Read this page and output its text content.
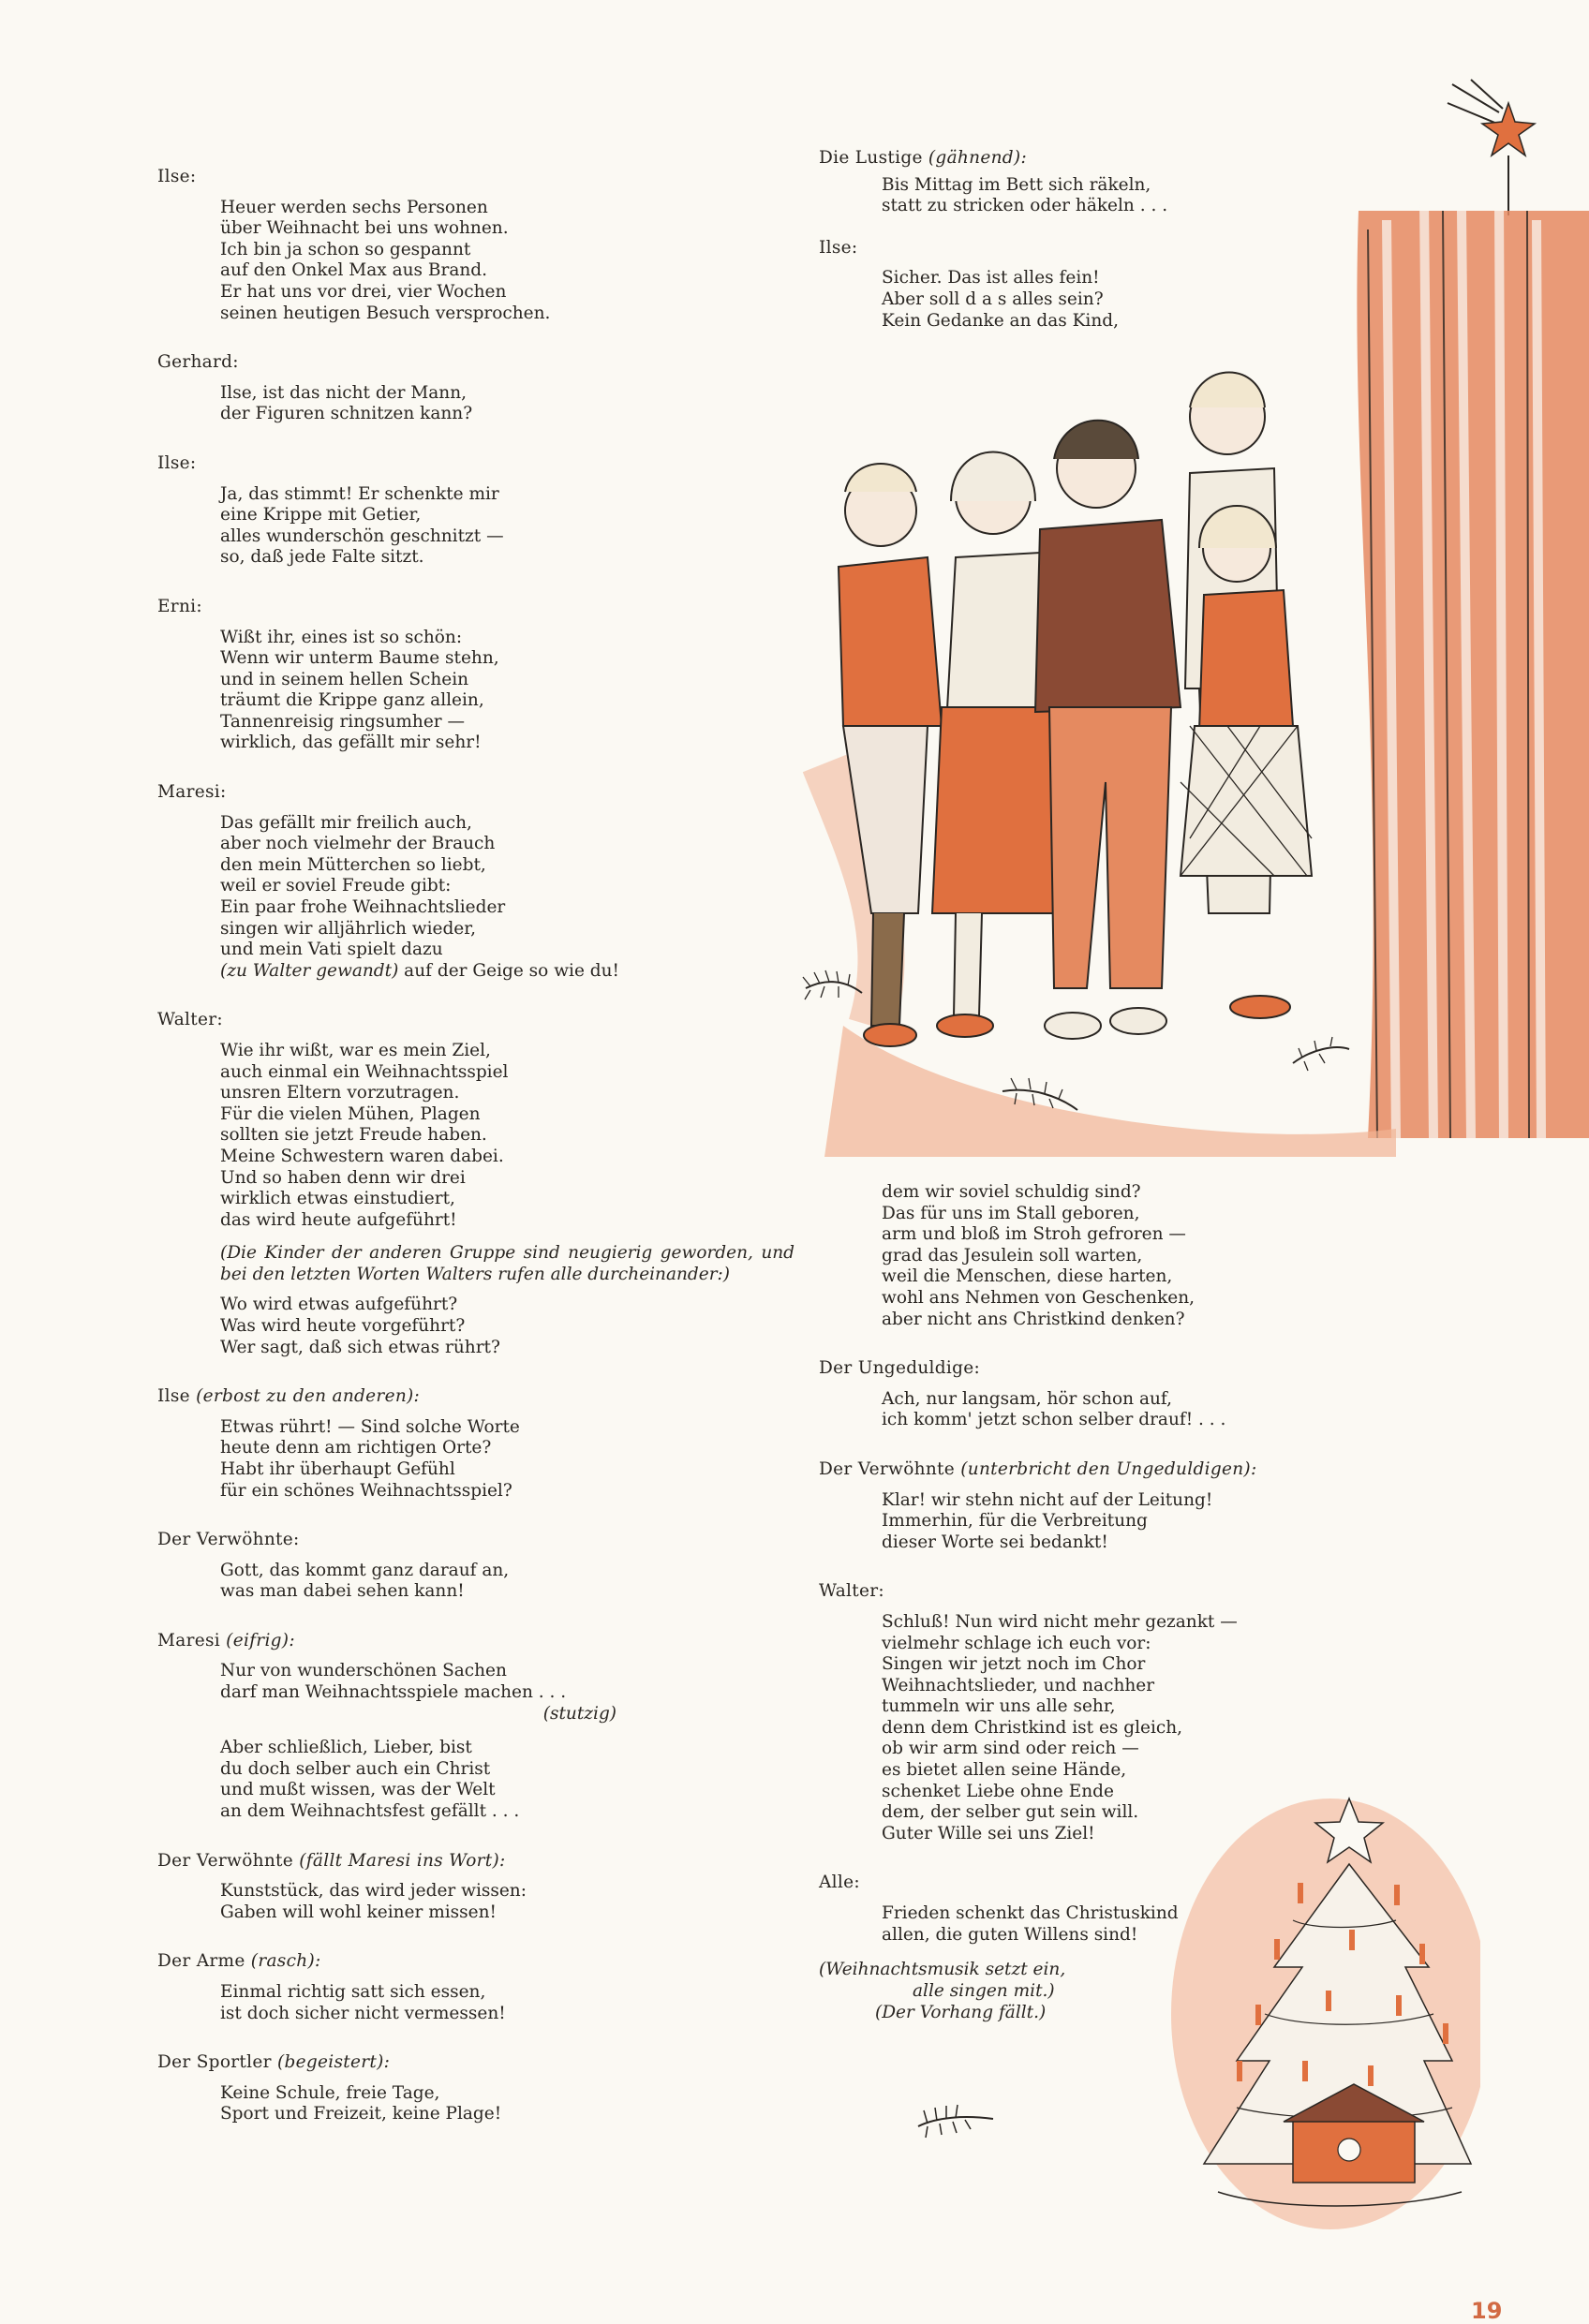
Ilse:

Heuer werden sechs Personen
über Weihnacht bei uns wohnen.
Ich bin ja schon so gespannt
auf den Onkel Max aus Brand.
Er hat uns vor drei, vier Wochen
seinen heutigen Besuch versprochen.

Gerhard:

Ilse, ist das nicht der Mann,
der Figuren schnitzen kann?

Ilse:

Ja, das stimmt! Er schenkte mir
eine Krippe mit Getier,
alles wunderschön geschnitzt —
so, daß jede Falte sitzt.

Erni:

Wißt ihr, eines ist so schön:
Wenn wir unterm Baume stehn,
und in seinem hellen Schein
träumt die Krippe ganz allein,
Tannenreisig ringsumher —
wirklich, das gefällt mir sehr!

Maresi:

Das gefällt mir freilich auch,
aber noch vielmehr der Brauch
den mein Mütterchen so liebt,
weil er soviel Freude gibt:
Ein paar frohe Weihnachtslieder
singen wir alljährlich wieder,
und mein Vati spielt dazu
(zu Walter gewandt) auf der Geige so wie du!

Walter:

Wie ihr wißt, war es mein Ziel,
auch einmal ein Weihnachtsspiel
unsren Eltern vorzutragen.
Für die vielen Mühen, Plagen
sollten sie jetzt Freude haben.
Meine Schwestern waren dabei.
Und so haben denn wir drei
wirklich etwas einstudiert,
das wird heute aufgeführt!

(Die Kinder der anderen Gruppe sind neugierig geworden, und bei den letzten Worten Walters rufen alle durcheinander:)

Wo wird etwas aufgeführt?
Was wird heute vorgeführt?
Wer sagt, daß sich etwas rührt?

Ilse (erbost zu den anderen):

Etwas rührt! — Sind solche Worte
heute denn am richtigen Orte?
Habt ihr überhaupt Gefühl
für ein schönes Weihnachtsspiel?

Der Verwöhnte:

Gott, das kommt ganz darauf an,
was man dabei sehen kann!

Maresi (eifrig):

Nur von wunderschönen Sachen
darf man Weihnachtsspiele machen . . .
(stutzig)
Aber schließlich, Lieber, bist
du doch selber auch ein Christ
und mußt wissen, was der Welt
an dem Weihnachtsfest gefällt . . .

Der Verwöhnte (fällt Maresi ins Wort):

Kunststück, das wird jeder wissen:
Gaben will wohl keiner missen!

Der Arme (rasch):

Einmal richtig satt sich essen,
ist doch sicher nicht vermessen!

Der Sportler (begeistert):

Keine Schule, freie Tage,
Sport und Freizeit, keine Plage!

Die Lustige (gähnend):

Bis Mittag im Bett sich räkeln,
statt zu stricken oder häkeln . . .

Ilse:

Sicher. Das ist alles fein!
Aber soll d a s alles sein?
Kein Gedanke an das Kind,
dem wir soviel schuldig sind?
Das für uns im Stall geboren,
arm und bloß im Stroh gefroren —
grad das Jesulein soll warten,
weil die Menschen, diese harten,
wohl ans Nehmen von Geschenken,
aber nicht ans Christkind denken?

Der Ungeduldige:

Ach, nur langsam, hör schon auf,
ich komm' jetzt schon selber drauf! . . .

Der Verwöhnte (unterbricht den Ungeduldigen):

Klar! wir stehn nicht auf der Leitung!
Immerhin, für die Verbreitung
dieser Worte sei bedankt!

Walter:

Schluß! Nun wird nicht mehr gezankt —
vielmehr schlage ich euch vor:
Singen wir jetzt noch im Chor
Weihnachtslieder, und nachher
tummeln wir uns alle sehr,
denn dem Christkind ist es gleich,
ob wir arm sind oder reich —
es bietet allen seine Hände,
schenket Liebe ohne Ende
dem, der selber gut sein will.
Guter Wille sei uns Ziel!

Alle:

Frieden schenkt das Christuskind
allen, die guten Willens sind!
(Weihnachtsmusik setzt ein,
alle singen mit.)
(Der Vorhang fällt.)
19
